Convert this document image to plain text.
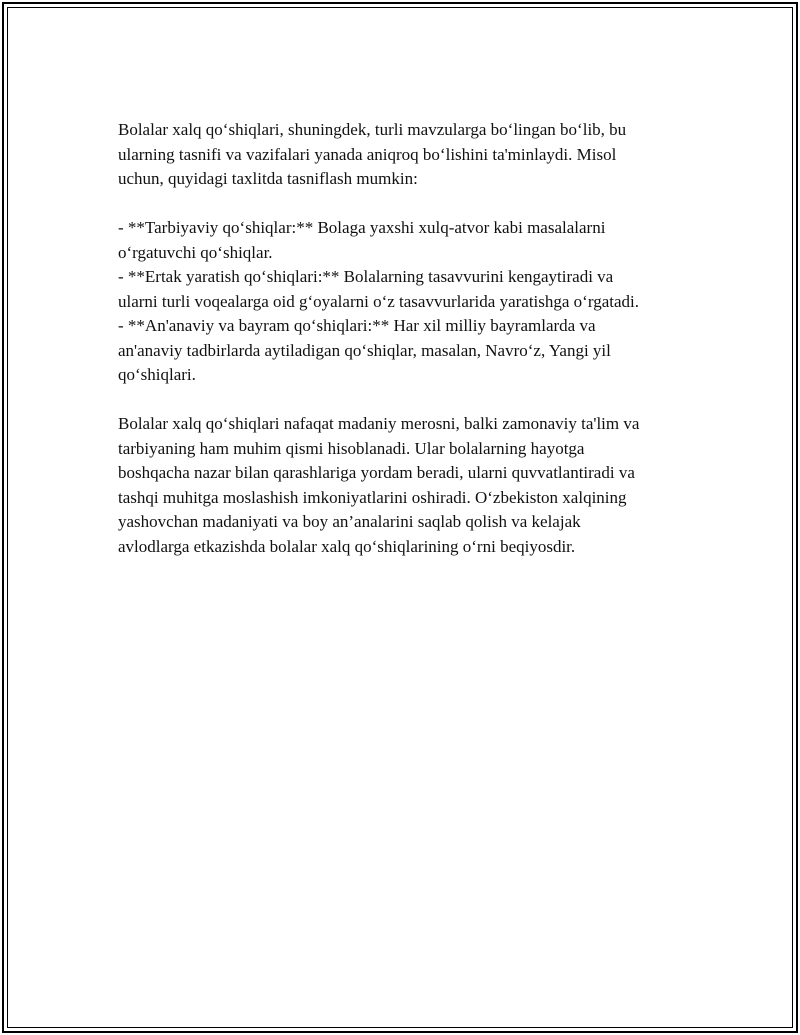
Bolalar xalq qo‘shiqlari, shuningdek, turli mavzularga bo‘lingan bo‘lib, bu
ularning tasnifi va vazifalari yanada aniqroq bo‘lishini ta'minlaydi. Misol
uchun, quyidagi taxlitda tasniflash mumkin:

- **Tarbiyaviy qo‘shiqlar:** Bolaga yaxshi xulq-atvor kabi masalalarni
o‘rgatuvchi qo‘shiqlar.
- **Ertak yaratish qo‘shiqlari:** Bolalarning tasavvurini kengaytiradi va
ularni turli voqealarga oid g‘oyalarni o‘z tasavvurlarida yaratishga o‘rgatadi.
- **An'anaviy va bayram qo‘shiqlari:** Har xil milliy bayramlarda va
an'anaviy tadbirlarda aytiladigan qo‘shiqlar, masalan, Navro‘z, Yangi yil
qo‘shiqlari.

Bolalar xalq qo‘shiqlari nafaqat madaniy merosni, balki zamonaviy ta'lim va
tarbiyaning ham muhim qismi hisoblanadi. Ular bolalarning hayotga
boshqacha nazar bilan qarashlariga yordam beradi, ularni quvvatlantiradi va
tashqi muhitga moslashish imkoniyatlarini oshiradi. O‘zbekiston xalqining
yashovchan madaniyati va boy an’analarini saqlab qolish va kelajak
avlodlarga etkazishda bolalar xalq qo‘shiqlarining o‘rni beqiyosdir.
